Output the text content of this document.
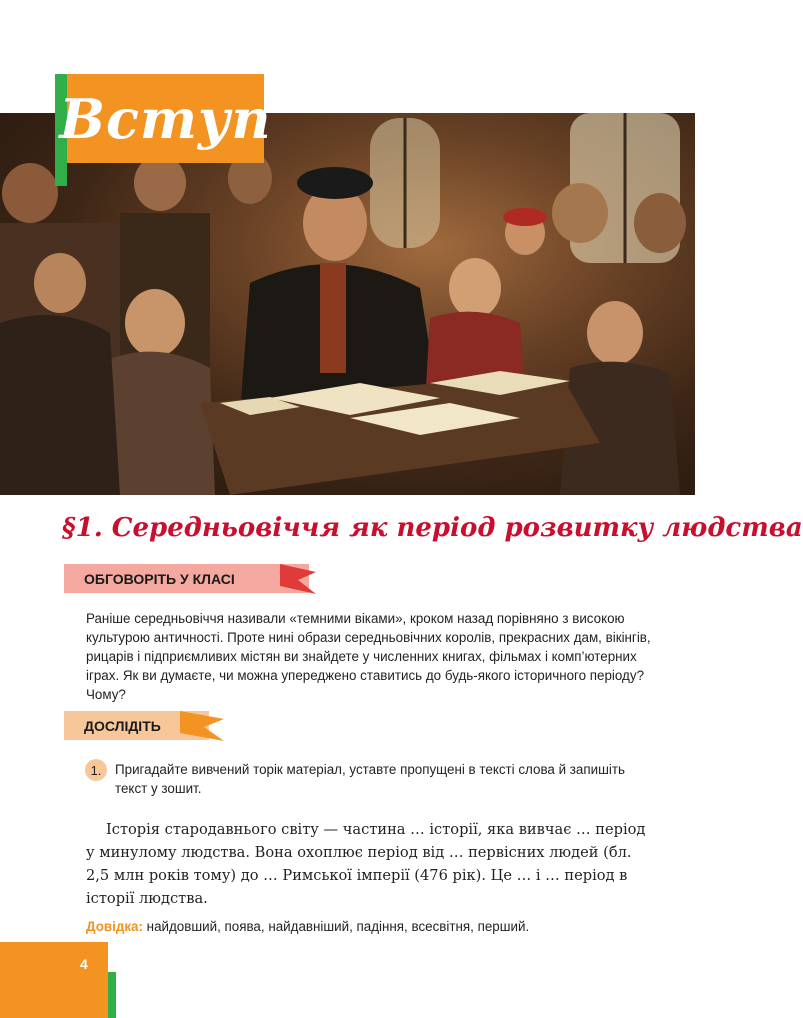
Вступ
§1. Середньовіччя як період розвитку людства
ОБГОВОРІТЬ У КЛАСІ
Раніше середньовіччя називали «темними віками», кроком назад порівняно з високою культурою античності. Проте нині образи середньовічних королів, прекрасних дам, вікінгів, рицарів і підприємливих містян ви знайдете у численних книгах, фільмах і комп’ютерних іграх. Як ви думаєте, чи можна упереджено ставитись до будь-якого історичного періоду? Чому?
ДОСЛІДІТЬ
1.	Пригадайте вивчений торік матеріал, уставте пропущені в тексті слова й запишіть текст у зошит.
Історія стародавнього світу — частина … історії, яка вивчає … період у минулому людства. Вона охоплює період від … первісних людей (бл. 2,5 млн років тому) до … Римської імперії (476 рік). Це … і … період в історії людства.
Довідка: найдовший, поява, найдавніший, падіння, всесвітня, перший.
4
